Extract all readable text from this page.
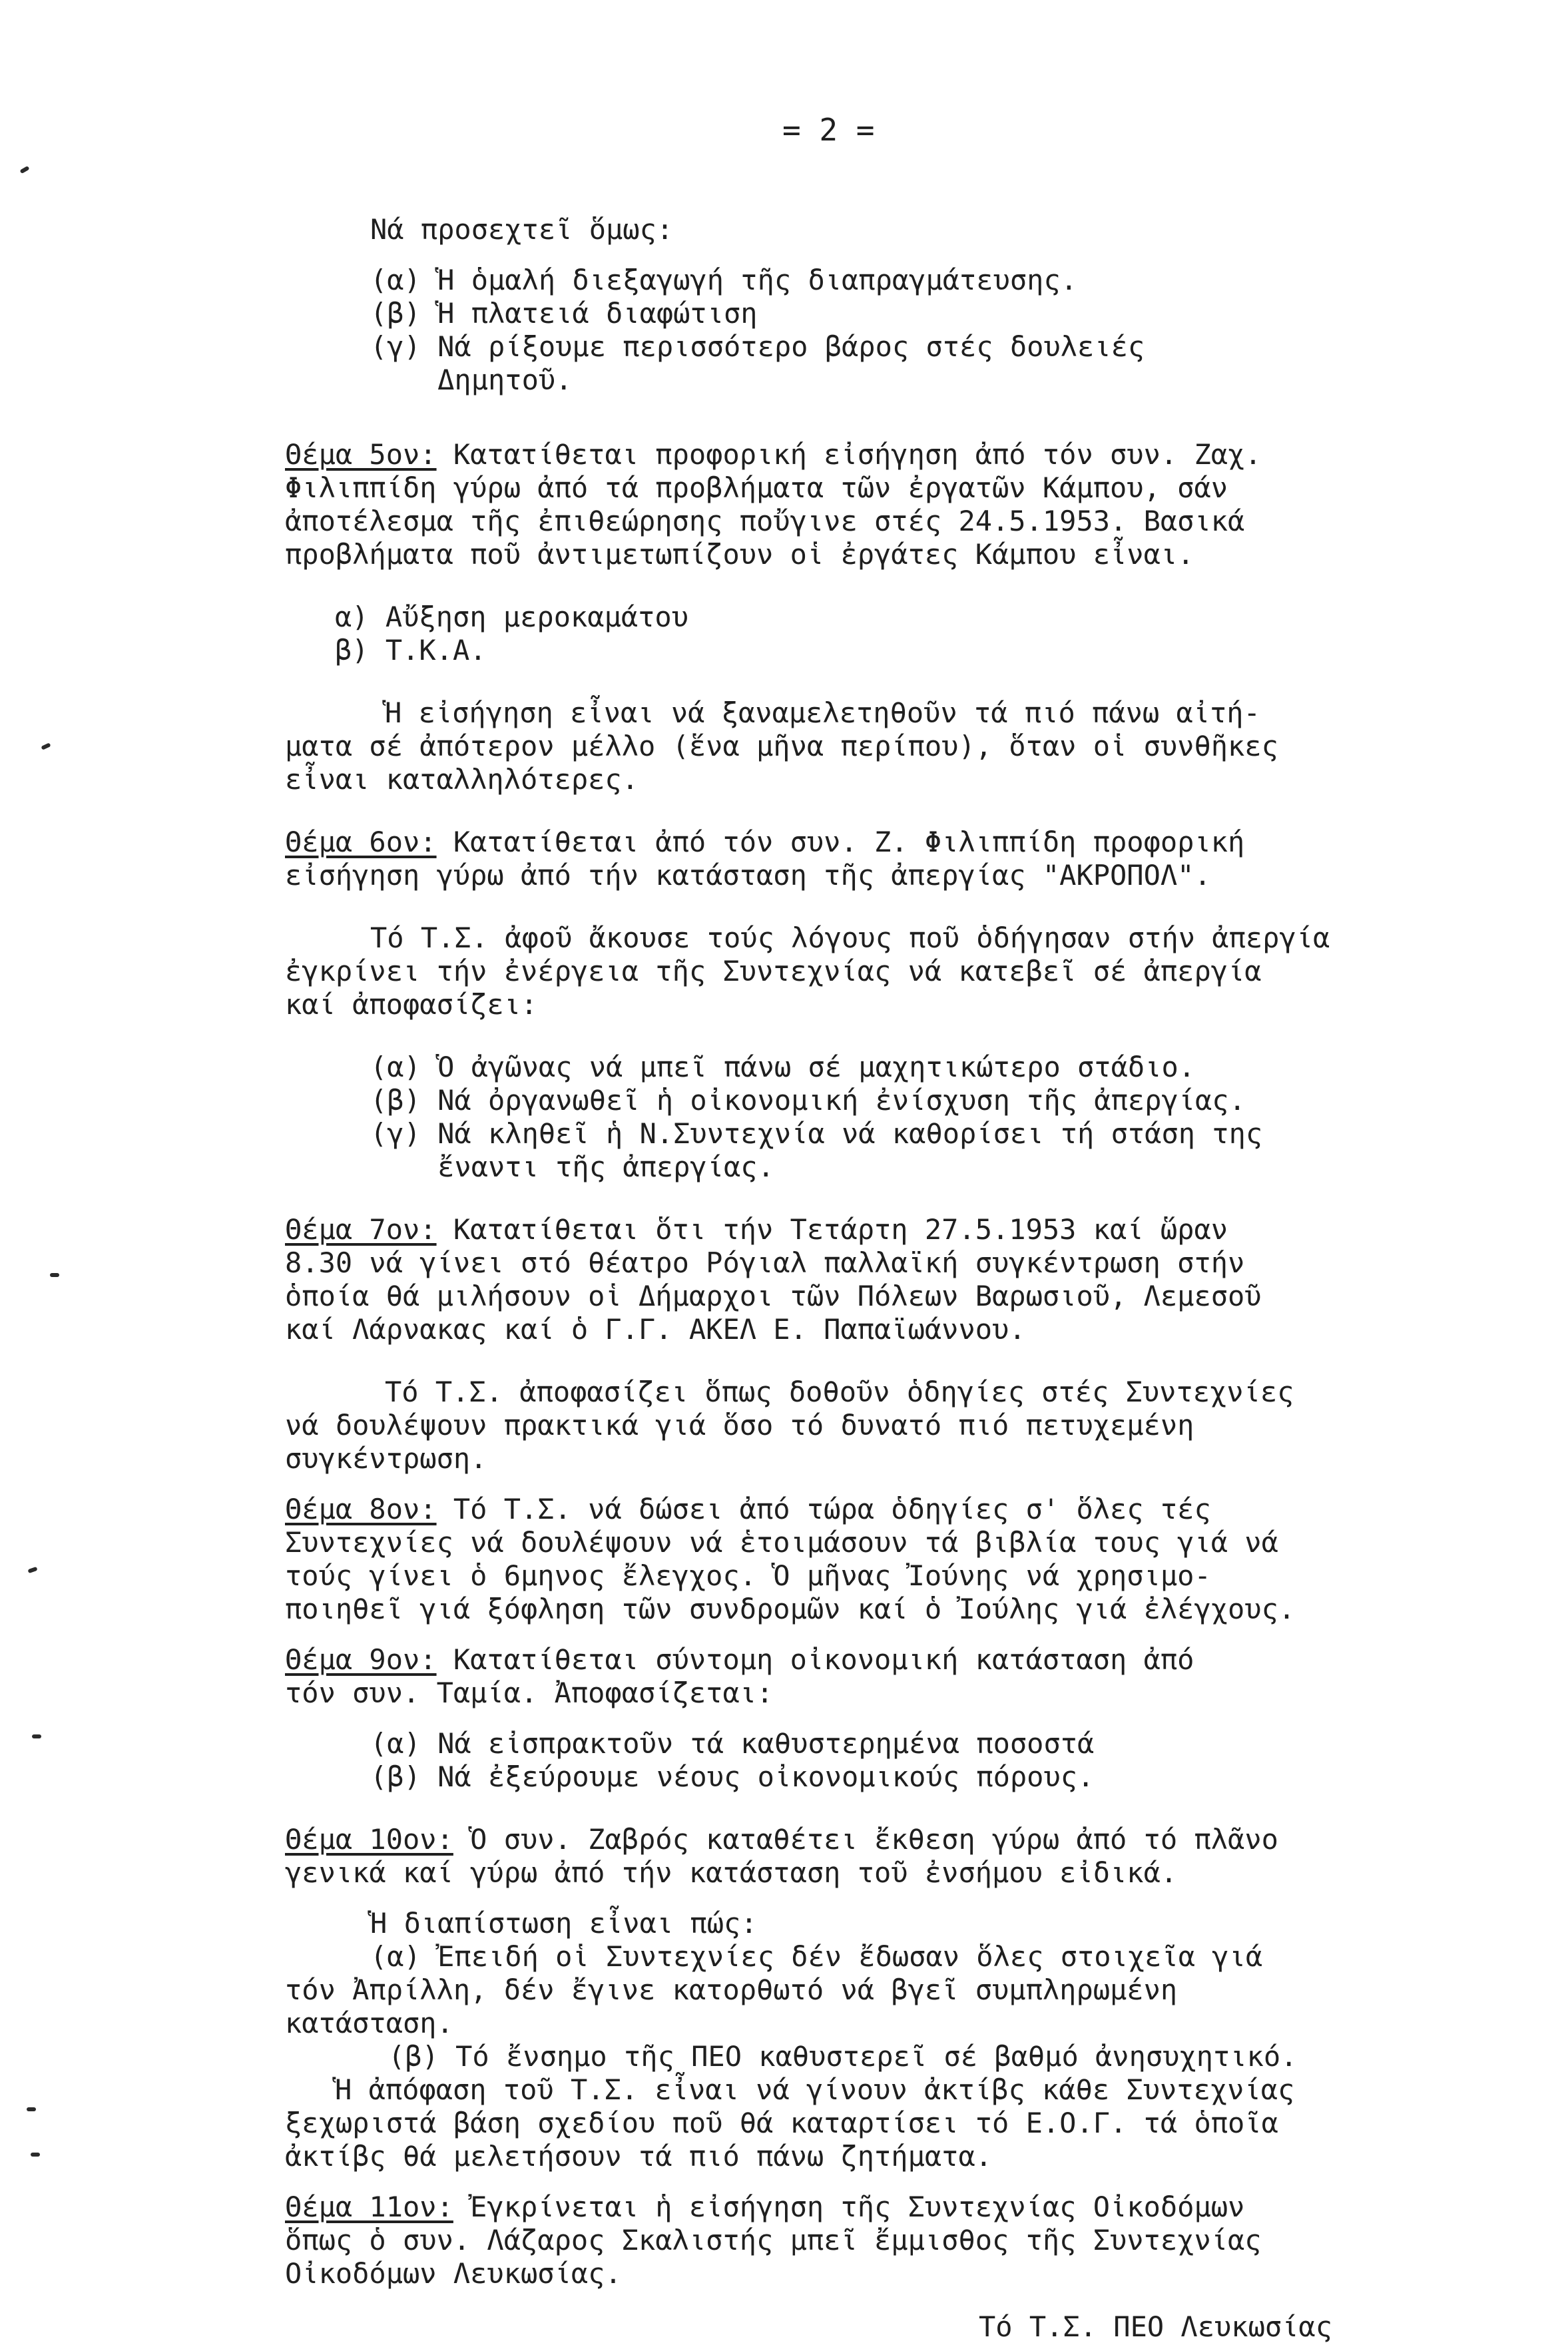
= 2 =
Νά προσεχτεῖ ὅμως:
(α) Ἡ ὁμαλή διεξαγωγή τῆς διαπραγμάτευσης.
(β) Ἡ πλατειά διαφώτιση
(γ) Νά ρίξουμε περισσότερο βάρος στές δουλειές
Δημητοῦ.
Θέμα 5ον: Κατατίθεται προφορική εἰσήγηση ἀπό τόν συν. Ζαχ.
Φιλιππίδη γύρω ἀπό τά προβλήματα τῶν ἐργατῶν Κάμπου, σάν
ἀποτέλεσμα τῆς ἐπιθεώρησης ποὔγινε στές 24.5.1953. Βασικά
προβλήματα ποῦ ἀντιμετωπίζουν οἱ ἐργάτες Κάμπου εἶναι.
α) Αὔξηση μεροκαμάτου
β) Τ.Κ.Α.
Ἡ εἰσήγηση εἶναι νά ξαναμελετηθοῦν τά πιό πάνω αἰτή-
ματα σέ ἀπότερον μέλλο (ἕνα μῆνα περίπου), ὅταν οἱ συνθῆκες
εἶναι καταλληλότερες.
Θέμα 6ον: Κατατίθεται ἀπό τόν συν. Ζ. Φιλιππίδη προφορική
εἰσήγηση γύρω ἀπό τήν κατάσταση τῆς ἀπεργίας "ΑΚΡΟΠΟΛ".
Τό Τ.Σ. ἀφοῦ ἄκουσε τούς λόγους ποῦ ὁδήγησαν στήν ἀπεργία
ἐγκρίνει τήν ἐνέργεια τῆς Συντεχνίας νά κατεβεῖ σέ ἀπεργία
καί ἀποφασίζει:
(α) Ὁ ἀγῶνας νά μπεῖ πάνω σέ μαχητικώτερο στάδιο.
(β) Νά ὀργανωθεῖ ἡ οἰκονομική ἐνίσχυση τῆς ἀπεργίας.
(γ) Νά κληθεῖ ἡ Ν.Συντεχνία νά καθορίσει τή στάση της
ἔναντι τῆς ἀπεργίας.
Θέμα 7ον: Κατατίθεται ὅτι τήν Τετάρτη 27.5.1953 καί ὥραν
8.30 νά γίνει στό θέατρο Ρόγιαλ παλλαϊκή συγκέντρωση στήν
ὁποία θά μιλήσουν οἱ Δήμαρχοι τῶν Πόλεων Βαρωσιοῦ, Λεμεσοῦ
καί Λάρνακας καί ὁ Γ.Γ. ΑΚΕΛ Ε. Παπαϊωάννου.
Τό Τ.Σ. ἀποφασίζει ὅπως δοθοῦν ὁδηγίες στές Συντεχνίες
νά δουλέψουν πρακτικά γιά ὅσο τό δυνατό πιό πετυχεμένη
συγκέντρωση.
Θέμα 8ον: Τό Τ.Σ. νά δώσει ἀπό τώρα ὁδηγίες σ' ὅλες τές
Συντεχνίες νά δουλέψουν νά ἑτοιμάσουν τά βιβλία τους γιά νά
τούς γίνει ὁ 6μηνος ἔλεγχος. Ὁ μῆνας Ἰούνης νά χρησιμο-
ποιηθεῖ γιά ξόφληση τῶν συνδρομῶν καί ὁ Ἰούλης γιά ἐλέγχους.
Θέμα 9ον: Κατατίθεται σύντομη οἰκονομική κατάσταση ἀπό
τόν συν. Ταμία. Ἀποφασίζεται:
(α) Νά εἰσπρακτοῦν τά καθυστερημένα ποσοστά
(β) Νά ἐξεύρουμε νέους οἰκονομικούς πόρους.
Θέμα 10ον: Ὁ συν. Ζαβρός καταθέτει ἔκθεση γύρω ἀπό τό πλᾶνο
γενικά καί γύρω ἀπό τήν κατάσταση τοῦ ἐνσήμου εἰδικά.
Ἡ διαπίστωση εἶναι πώς:
(α) Ἐπειδή οἱ Συντεχνίες δέν ἔδωσαν ὅλες στοιχεῖα γιά
τόν Ἀπρίλλη, δέν ἔγινε κατορθωτό νά βγεῖ συμπληρωμένη
κατάσταση.
(β) Τό ἔνσημο τῆς ΠΕΟ καθυστερεῖ σέ βαθμό ἀνησυχητικό.
Ἡ ἀπόφαση τοῦ Τ.Σ. εἶναι νά γίνουν ἀκτίβς κάθε Συντεχνίας
ξεχωριστά βάση σχεδίου ποῦ θά καταρτίσει τό Ε.Ο.Γ. τά ὁποῖα
ἀκτίβς θά μελετήσουν τά πιό πάνω ζητήματα.
Θέμα 11ον: Ἐγκρίνεται ἡ εἰσήγηση τῆς Συντεχνίας Οἰκοδόμων
ὅπως ὁ συν. Λάζαρος Σκαλιστής μπεῖ ἔμμισθος τῆς Συντεχνίας
Οἰκοδόμων Λευκωσίας.
Τό Τ.Σ. ΠΕΟ Λευκωσίας
